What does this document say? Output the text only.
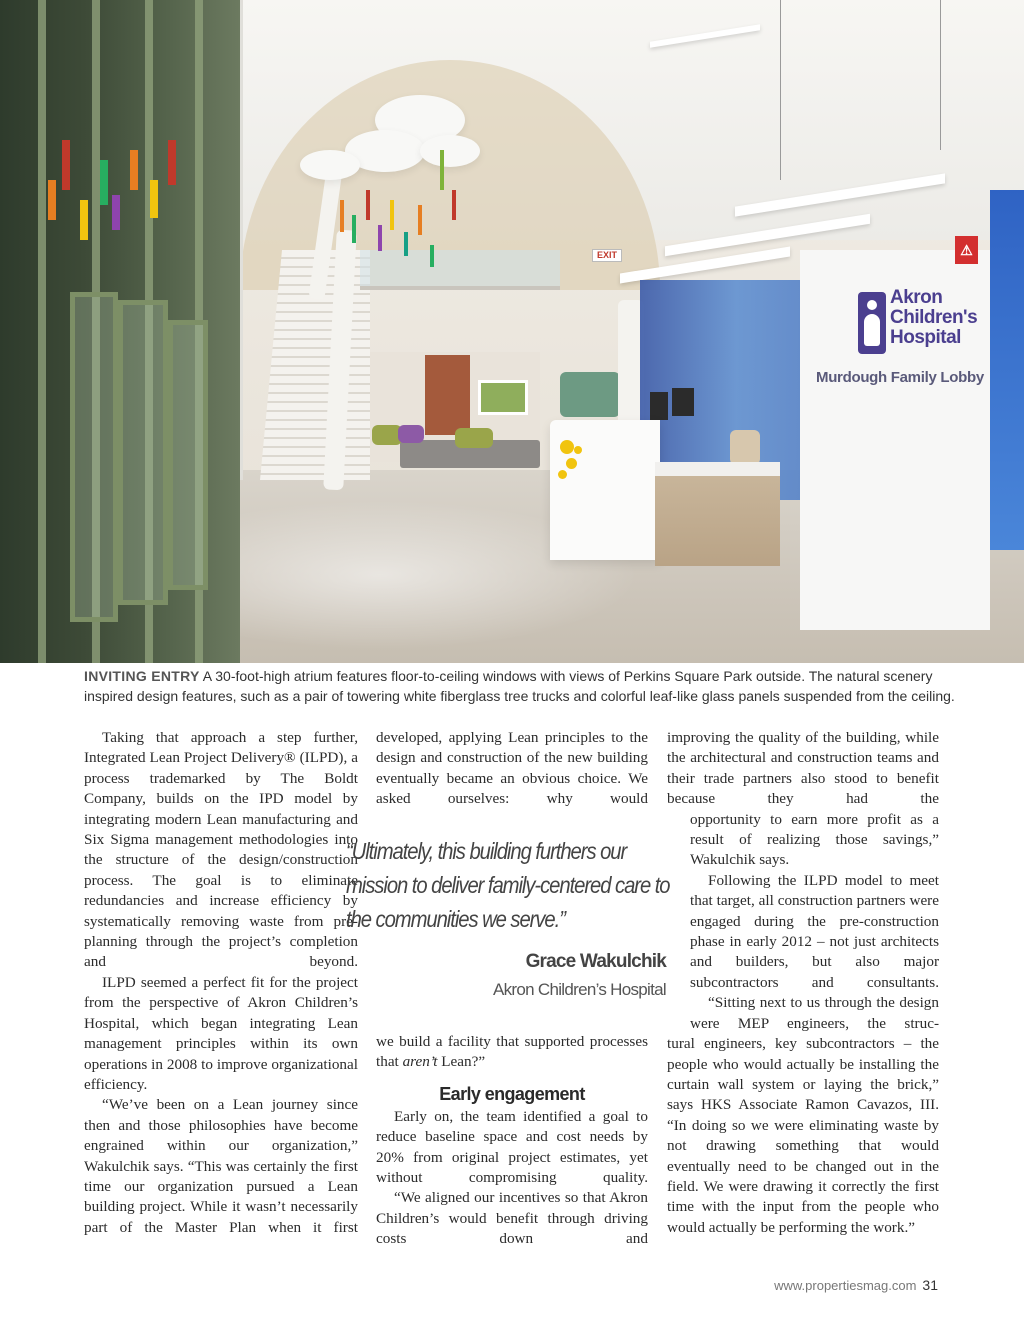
EXIT	⚠
Akron
Children's
Hospital
Murdough Family Lobby

INVITING ENTRY A 30-foot-high atrium features floor-to-ceiling windows with views of Perkins Square Park outside. The natural scenery

inspired design features, such as a pair of towering white fiberglass tree trucks and colorful leaf-like glass panels suspended from the ceiling.

Taking that approach a step further, Integrated Lean Project Delivery® (ILPD), a process trademarked by The Boldt Company, builds on the IPD model by integrating modern Lean manufacturing and Six Sigma management methodologies into the structure of the design/construction process. The goal is to eliminate redundancies and increase efficiency by systematically removing waste from pre-planning through the project’s completion and beyond.

ILPD seemed a perfect fit for the project from the perspective of Akron Children’s Hospital, which began integrating Lean management principles within its own operations in 2008 to improve organizational efficiency.

“We’ve been on a Lean journey since then and those philosophies have become engrained within our organization,” Wakulchik says. “This was certainly the first time our organization pursued a Lean building project. While it wasn’t necessarily part of the Master Plan when it first

developed, applying Lean principles to the design and construction of the new building eventually became an obvious choice. We asked ourselves: why would

“Ultimately, this building furthers our mission to deliver family-centered care to the communities we serve.”
Grace Wakulchik
Akron Children’s Hospital

we build a facility that supported processes that aren’t Lean?”

Early engagement

Early on, the team identified a goal to reduce baseline space and cost needs by 20% from original project estimates, yet without compromising quality.

“We aligned our incentives so that Akron Children’s would benefit through driving costs down and

improving the quality of the building, while the architectural and construction teams and their trade partners also stood to benefit because they had the

opportunity to earn more profit as a result of realizing those savings,” Wakulchik says.

Following the ILPD model to meet that target, all construction partners were engaged during the pre-construction phase in early 2012 – not just architects and builders, but also major subcontractors and consultants.

“Sitting next to us through the design were MEP engineers, the struc-

tural engineers, key subcontractors – the people who would actually be installing the curtain wall system or laying the brick,” says HKS Associate Ramon Cavazos, III. “In doing so we were eliminating waste by not drawing something that would eventually need to be changed out in the field. We were drawing it correctly the first time with the input from the people who would actually be performing the work.”

www.propertiesmag.com 31
